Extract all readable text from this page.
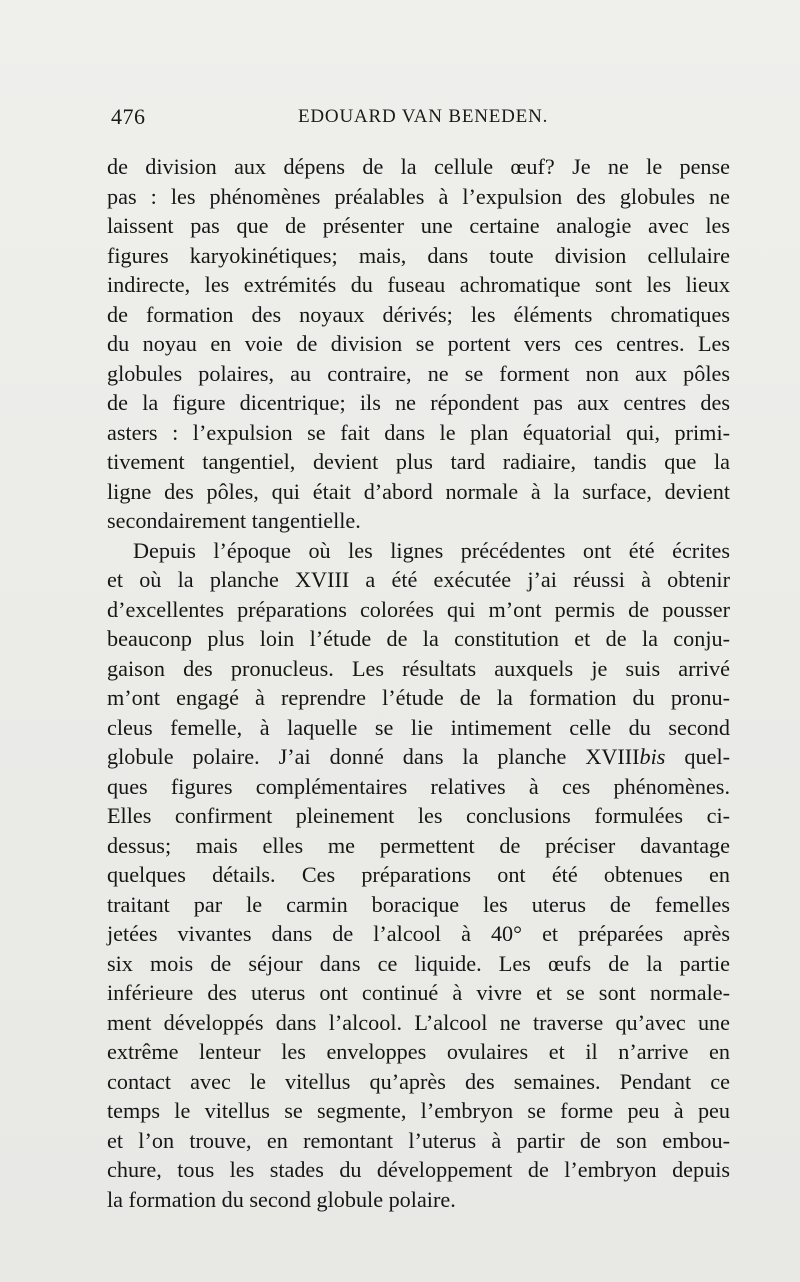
476	EDOUARD VAN BENEDEN.
de division aux dépens de la cellule œuf? Je ne le pense
pas : les phénomènes préalables à l’expulsion des globules ne
laissent pas que de présenter une certaine analogie avec les
figures karyokinétiques; mais, dans toute division cellulaire
indirecte, les extrémités du fuseau achromatique sont les lieux
de formation des noyaux dérivés; les éléments chromatiques
du noyau en voie de division se portent vers ces centres. Les
globules polaires, au contraire, ne se forment non aux pôles
de la figure dicentrique; ils ne répondent pas aux centres des
asters : l’expulsion se fait dans le plan équatorial qui, primi-
tivement tangentiel, devient plus tard radiaire, tandis que la
ligne des pôles, qui était d’abord normale à la surface, devient
secondairement tangentielle.
Depuis l’époque où les lignes précédentes ont été écrites
et où la planche XVIII a été exécutée j’ai réussi à obtenir
d’excellentes préparations colorées qui m’ont permis de pousser
beauconp plus loin l’étude de la constitution et de la conju-
gaison des pronucleus. Les résultats auxquels je suis arrivé
m’ont engagé à reprendre l’étude de la formation du pronu-
cleus femelle, à laquelle se lie intimement celle du second
globule polaire. J’ai donné dans la planche XVIIIbis quel-
ques figures complémentaires relatives à ces phénomènes.
Elles confirment pleinement les conclusions formulées ci-
dessus; mais elles me permettent de préciser davantage
quelques détails. Ces préparations ont été obtenues en
traitant par le carmin boracique les uterus de femelles
jetées vivantes dans de l’alcool à 40° et préparées après
six mois de séjour dans ce liquide. Les œufs de la partie
inférieure des uterus ont continué à vivre et se sont normale-
ment développés dans l’alcool. L’alcool ne traverse qu’avec une
extrême lenteur les enveloppes ovulaires et il n’arrive en
contact avec le vitellus qu’après des semaines. Pendant ce
temps le vitellus se segmente, l’embryon se forme peu à peu
et l’on trouve, en remontant l’uterus à partir de son embou-
chure, tous les stades du développement de l’embryon depuis
la formation du second globule polaire.
